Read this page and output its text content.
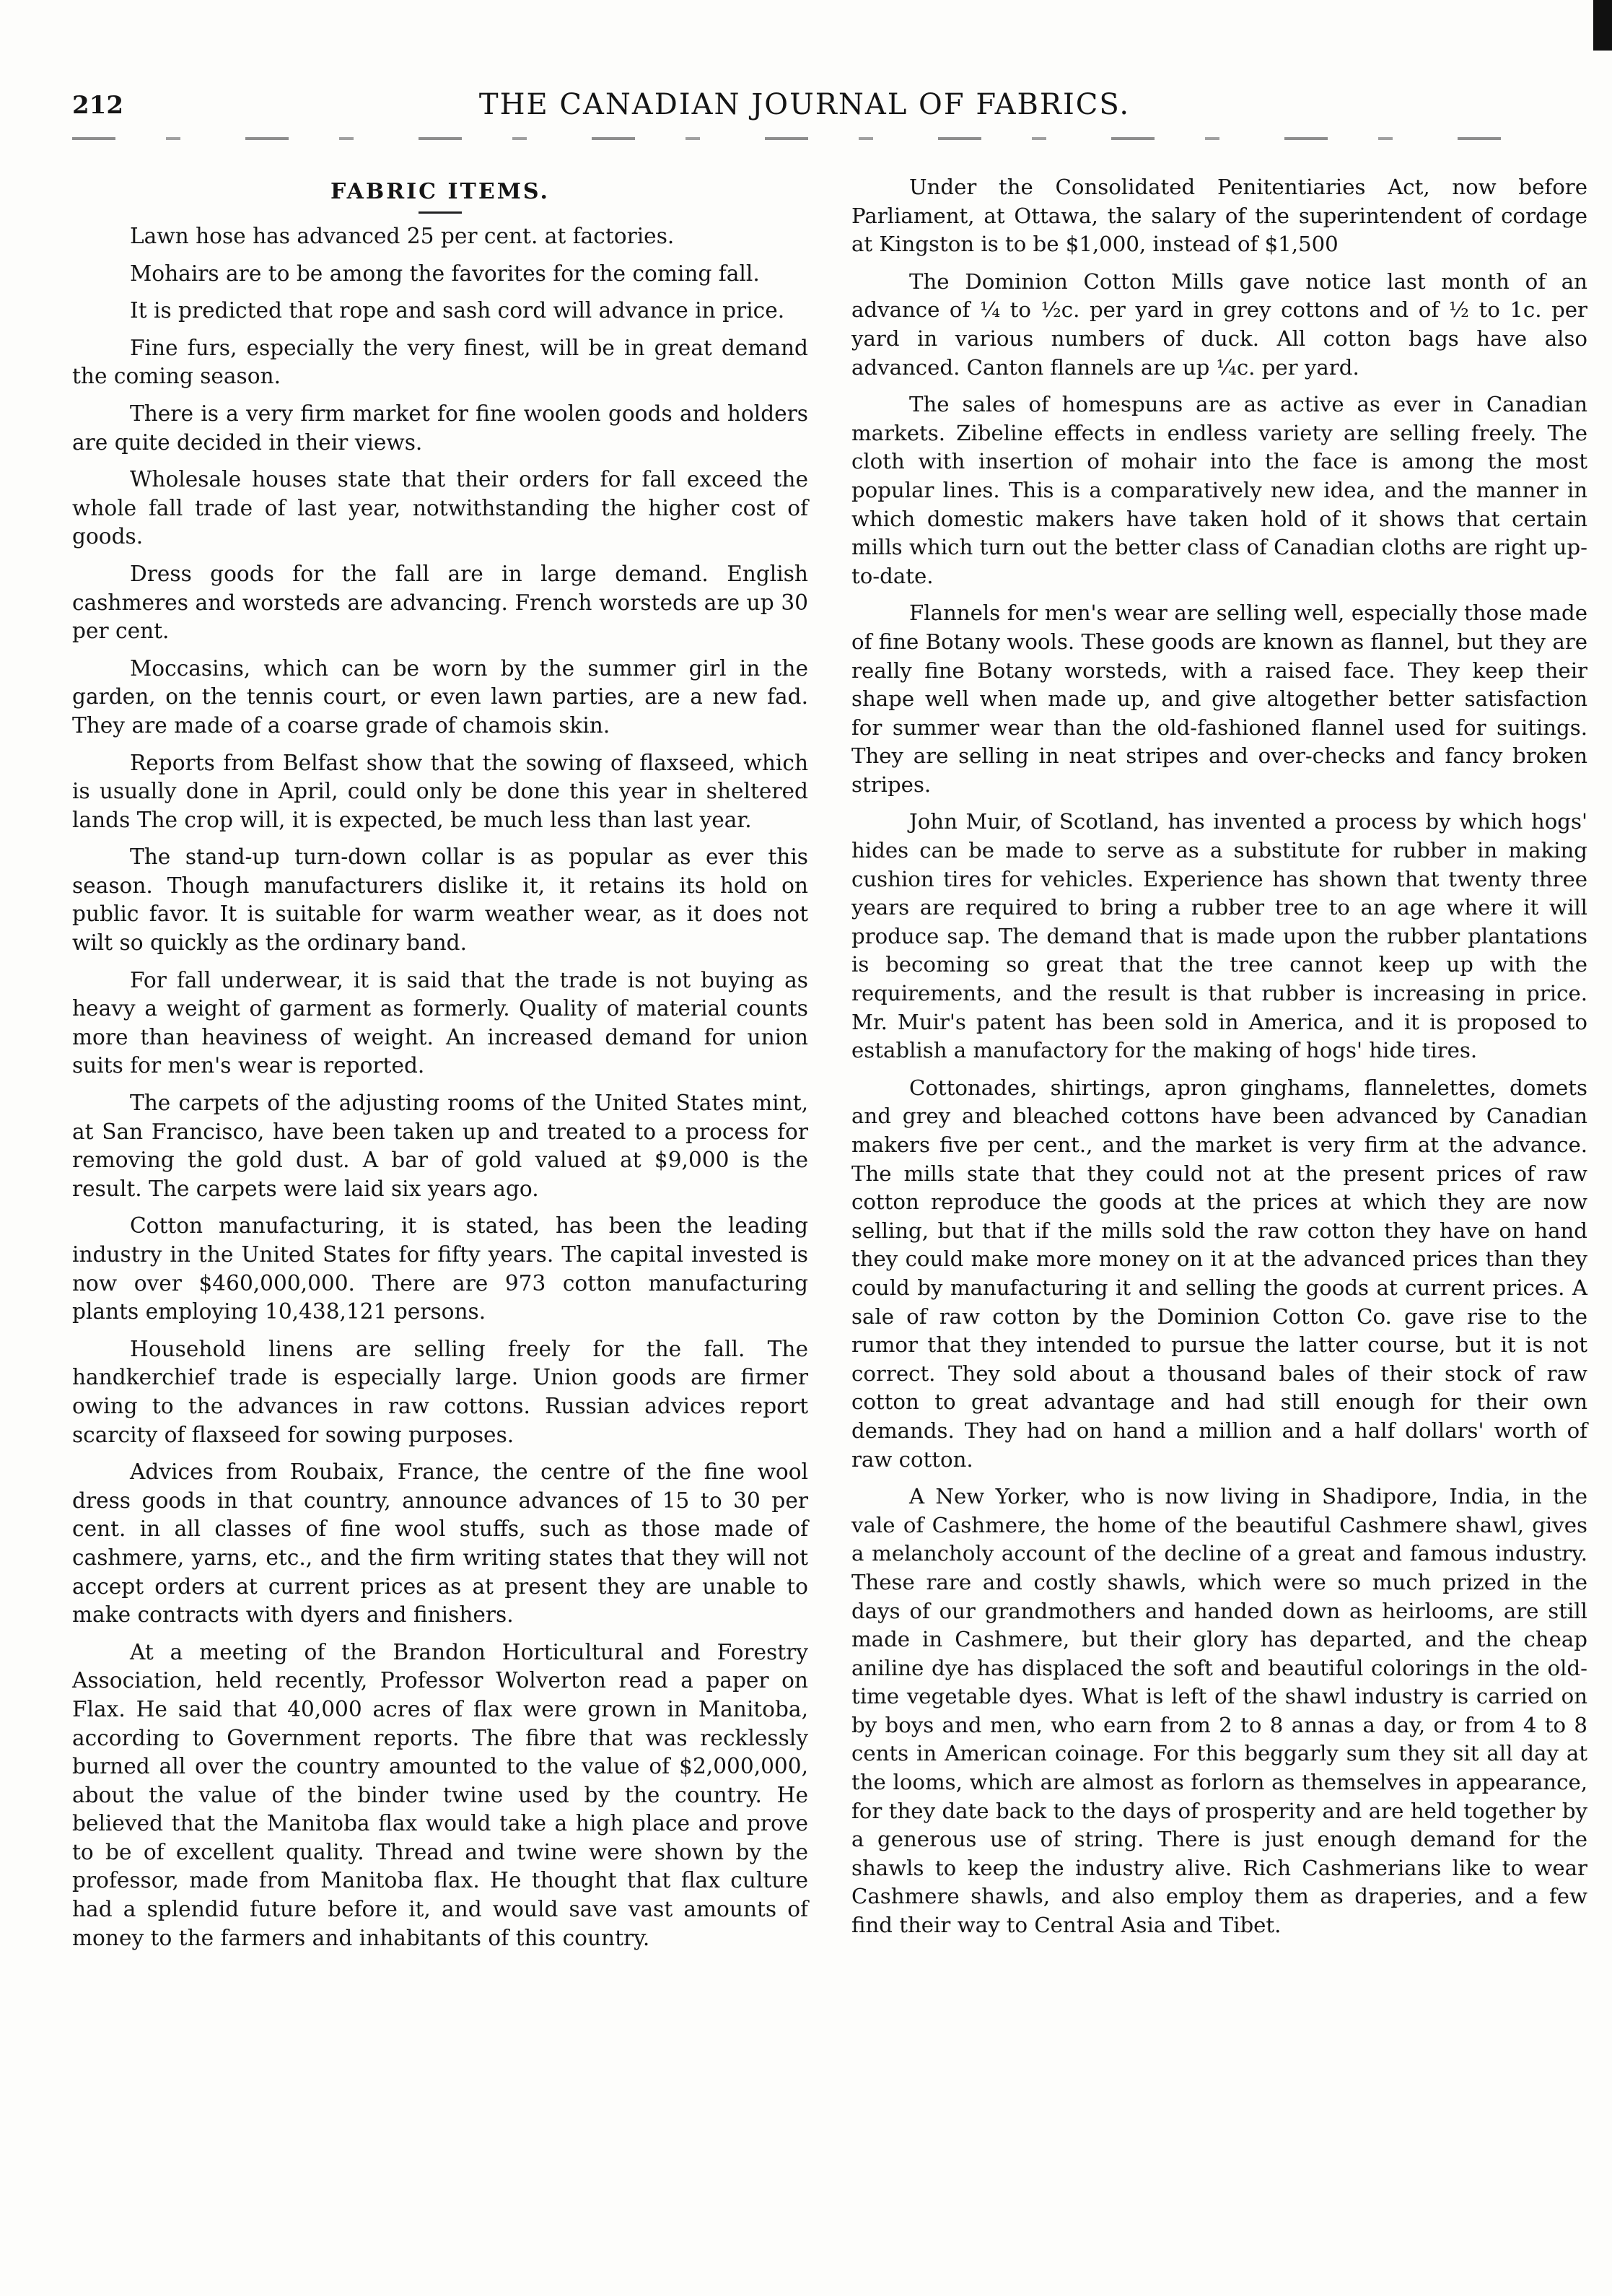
212	THE CANADIAN JOURNAL OF FABRICS.
FABRIC ITEMS.

Lawn hose has advanced 25 per cent. at factories.

Mohairs are to be among the favorites for the coming fall.

It is predicted that rope and sash cord will advance in price.

Fine furs, especially the very finest, will be in great demand the coming season.

There is a very firm market for fine woolen goods and holders are quite decided in their views.

Wholesale houses state that their orders for fall exceed the whole fall trade of last year, notwithstanding the higher cost of goods.

Dress goods for the fall are in large demand. English cashmeres and worsteds are advancing. French worsteds are up 30 per cent.

Moccasins, which can be worn by the summer girl in the garden, on the tennis court, or even lawn parties, are a new fad. They are made of a coarse grade of chamois skin.

Reports from Belfast show that the sowing of flaxseed, which is usually done in April, could only be done this year in sheltered lands The crop will, it is expected, be much less than last year.

The stand-up turn-down collar is as popular as ever this season. Though manufacturers dislike it, it retains its hold on public favor. It is suitable for warm weather wear, as it does not wilt so quickly as the ordinary band.

For fall underwear, it is said that the trade is not buying as heavy a weight of garment as formerly. Quality of material counts more than heaviness of weight. An increased demand for union suits for men's wear is reported.

The carpets of the adjusting rooms of the United States mint, at San Francisco, have been taken up and treated to a process for removing the gold dust. A bar of gold valued at $9,000 is the result. The carpets were laid six years ago.

Cotton manufacturing, it is stated, has been the leading industry in the United States for fifty years. The capital invested is now over $460,000,000. There are 973 cotton manufacturing plants employing 10,438,121 persons.

Household linens are selling freely for the fall. The handkerchief trade is especially large. Union goods are firmer owing to the advances in raw cottons. Russian advices report scarcity of flaxseed for sowing purposes.

Advices from Roubaix, France, the centre of the fine wool dress goods in that country, announce advances of 15 to 30 per cent. in all classes of fine wool stuffs, such as those made of cashmere, yarns, etc., and the firm writing states that they will not accept orders at current prices as at present they are unable to make contracts with dyers and finishers.

At a meeting of the Brandon Horticultural and Forestry Association, held recently, Professor Wolverton read a paper on Flax. He said that 40,000 acres of flax were grown in Manitoba, according to Government reports. The fibre that was recklessly burned all over the country amounted to the value of $2,000,000, about the value of the binder twine used by the country. He believed that the Manitoba flax would take a high place and prove to be of excellent quality. Thread and twine were shown by the professor, made from Manitoba flax. He thought that flax culture had a splendid future before it, and would save vast amounts of money to the farmers and inhabitants of this country.

Under the Consolidated Penitentiaries Act, now before Parliament, at Ottawa, the salary of the superintendent of cordage at Kingston is to be $1,000, instead of $1,500

The Dominion Cotton Mills gave notice last month of an advance of ¼ to ½c. per yard in grey cottons and of ½ to 1c. per yard in various numbers of duck. All cotton bags have also advanced. Canton flannels are up ¼c. per yard.

The sales of homespuns are as active as ever in Canadian markets. Zibeline effects in endless variety are selling freely. The cloth with insertion of mohair into the face is among the most popular lines. This is a comparatively new idea, and the manner in which domestic makers have taken hold of it shows that certain mills which turn out the better class of Canadian cloths are right up-to-date.

Flannels for men's wear are selling well, especially those made of fine Botany wools. These goods are known as flannel, but they are really fine Botany worsteds, with a raised face. They keep their shape well when made up, and give altogether better satisfaction for summer wear than the old-fashioned flannel used for suitings. They are selling in neat stripes and over-checks and fancy broken stripes.

John Muir, of Scotland, has invented a process by which hogs' hides can be made to serve as a substitute for rubber in making cushion tires for vehicles. Experience has shown that twenty three years are required to bring a rubber tree to an age where it will produce sap. The demand that is made upon the rubber plantations is becoming so great that the tree cannot keep up with the requirements, and the result is that rubber is increasing in price. Mr. Muir's patent has been sold in America, and it is proposed to establish a manufactory for the making of hogs' hide tires.

Cottonades, shirtings, apron ginghams, flannelettes, domets and grey and bleached cottons have been advanced by Canadian makers five per cent., and the market is very firm at the advance. The mills state that they could not at the present prices of raw cotton reproduce the goods at the prices at which they are now selling, but that if the mills sold the raw cotton they have on hand they could make more money on it at the advanced prices than they could by manufacturing it and selling the goods at current prices. A sale of raw cotton by the Dominion Cotton Co. gave rise to the rumor that they intended to pursue the latter course, but it is not correct. They sold about a thousand bales of their stock of raw cotton to great advantage and had still enough for their own demands. They had on hand a million and a half dollars' worth of raw cotton.

A New Yorker, who is now living in Shadipore, India, in the vale of Cashmere, the home of the beautiful Cashmere shawl, gives a melancholy account of the decline of a great and famous industry. These rare and costly shawls, which were so much prized in the days of our grandmothers and handed down as heirlooms, are still made in Cashmere, but their glory has departed, and the cheap aniline dye has displaced the soft and beautiful colorings in the old-time vegetable dyes. What is left of the shawl industry is carried on by boys and men, who earn from 2 to 8 annas a day, or from 4 to 8 cents in American coinage. For this beggarly sum they sit all day at the looms, which are almost as forlorn as themselves in appearance, for they date back to the days of prosperity and are held together by a generous use of string. There is just enough demand for the shawls to keep the industry alive. Rich Cashmerians like to wear Cashmere shawls, and also employ them as draperies, and a few find their way to Central Asia and Tibet.
